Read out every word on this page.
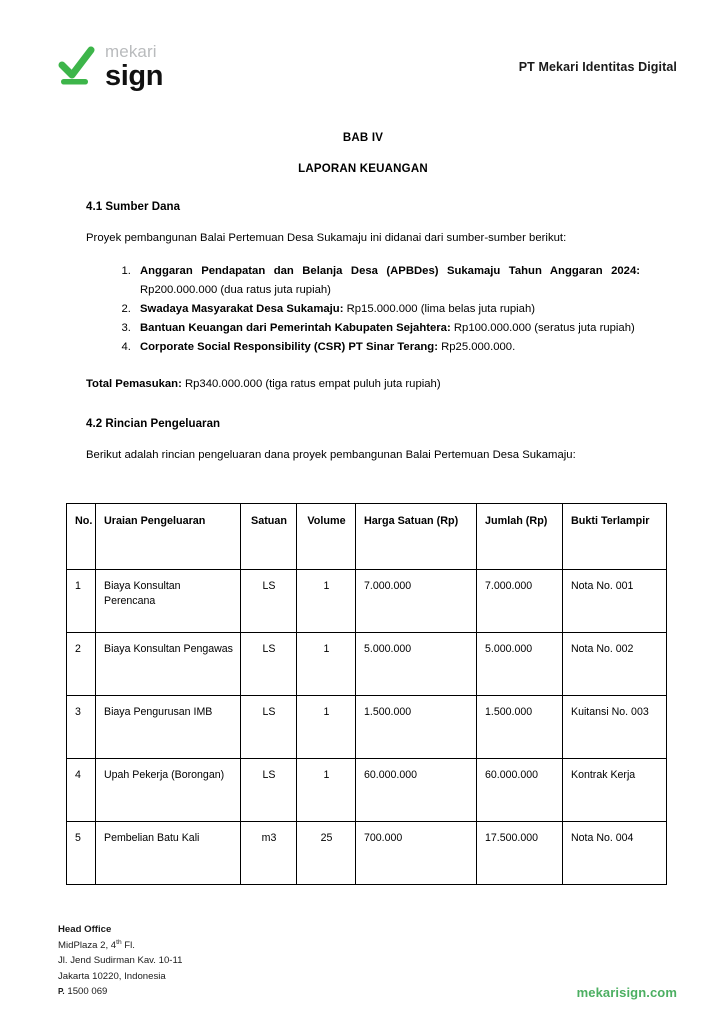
mekari
sign	PT Mekari Identitas Digital

BAB IV

LAPORAN KEUANGAN

4.1 Sumber Dana

Proyek pembangunan Balai Pertemuan Desa Sukamaju ini didanai dari sumber-sumber berikut:

1. Anggaran Pendapatan dan Belanja Desa (APBDes) Sukamaju Tahun Anggaran 2024: Rp200.000.000 (dua ratus juta rupiah)
2. Swadaya Masyarakat Desa Sukamaju: Rp15.000.000 (lima belas juta rupiah)
3. Bantuan Keuangan dari Pemerintah Kabupaten Sejahtera: Rp100.000.000 (seratus juta rupiah)
4. Corporate Social Responsibility (CSR) PT Sinar Terang: Rp25.000.000.

Total Pemasukan: Rp340.000.000 (tiga ratus empat puluh juta rupiah)

4.2 Rincian Pengeluaran

Berikut adalah rincian pengeluaran dana proyek pembangunan Balai Pertemuan Desa Sukamaju:

No.	Uraian Pengeluaran	Satuan	Volume	Harga Satuan (Rp)	Jumlah (Rp)	Bukti Terlampir
1	Biaya Konsultan Perencana	LS	1	7.000.000	7.000.000	Nota No. 001
2	Biaya Konsultan Pengawas	LS	1	5.000.000	5.000.000	Nota No. 002
3	Biaya Pengurusan IMB	LS	1	1.500.000	1.500.000	Kuitansi No. 003
4	Upah Pekerja (Borongan)	LS	1	60.000.000	60.000.000	Kontrak Kerja
5	Pembelian Batu Kali	m3	25	700.000	17.500.000	Nota No. 004
Head Office
MidPlaza 2, 4th Fl.
Jl. Jend Sudirman Kav. 10-11
Jakarta 10220, Indonesia
P. 1500 069	mekarisign.com
